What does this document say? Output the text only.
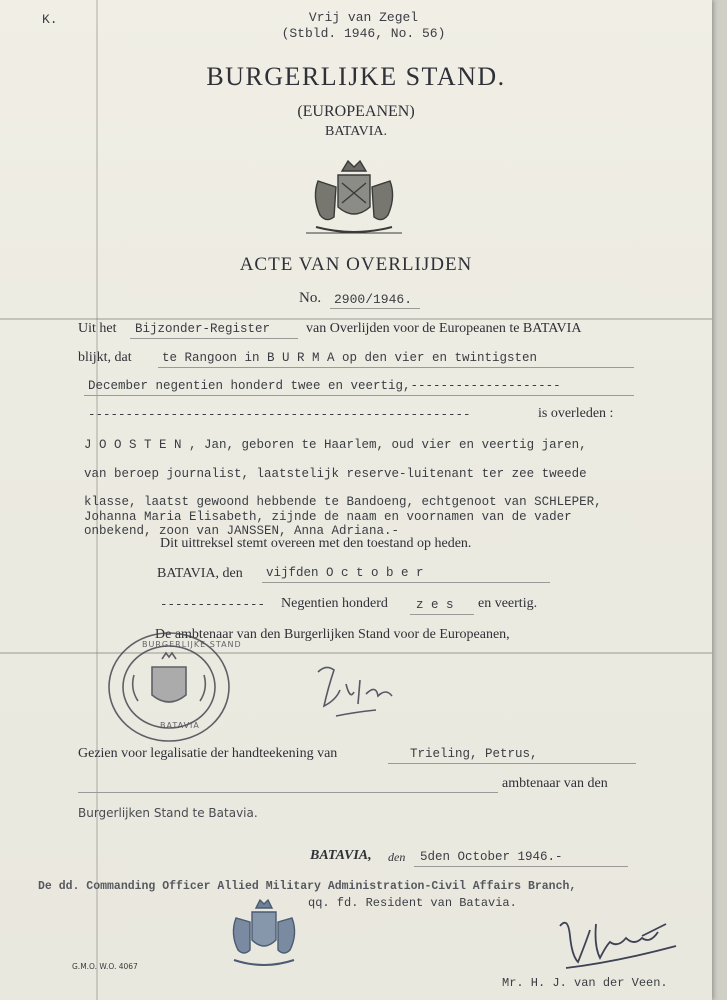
K.	Vrij van Zegel
(Stbld. 1946, No. 56)
BURGERLIJKE STAND.
(EUROPEANEN)
BATAVIA.
ACTE VAN OVERLIJDEN
No. 2900/1946.
Uit het Bijzonder-Register	van Overlijden voor de Europeanen te BATAVIA
blijkt, dat te Rangoon in B U R M A op den vier en twintigsten
December negentien honderd twee en veertig,--------------------
---------------------------------------------------	is overleden :
J O O S T E N , Jan, geboren te Haarlem, oud vier en veertig jaren,
van beroep journalist, laatstelijk reserve-luitenant ter zee tweede
klasse, laatst gewoond hebbende te Bandoeng, echtgenoot van SCHLEPER,
Johanna Maria Elisabeth, zijnde de naam en voornamen van de vader
onbekend, zoon van JANSSEN, Anna Adriana.-
Dit uittreksel stemt overeen met den toestand op heden.
BATAVIA, den vijfden O c t o b e r
-------------- Negentien honderd z e s en veertig.
De ambtenaar van den Burgerlijken Stand voor de Europeanen,
BURGERLIJKE STAND
BATAVIA
Gezien voor legalisatie der handteekening van	Trieling, Petrus,
ambtenaar van den
Burgerlijken Stand te Batavia.
BATAVIA, den 5den October 1946.-
De dd. Commanding Officer Allied Military Administration-Civil Affairs Branch,
qq. fd. Resident van Batavia.
G.M.O. W.O. 4067
Mr. H. J. van der Veen.
